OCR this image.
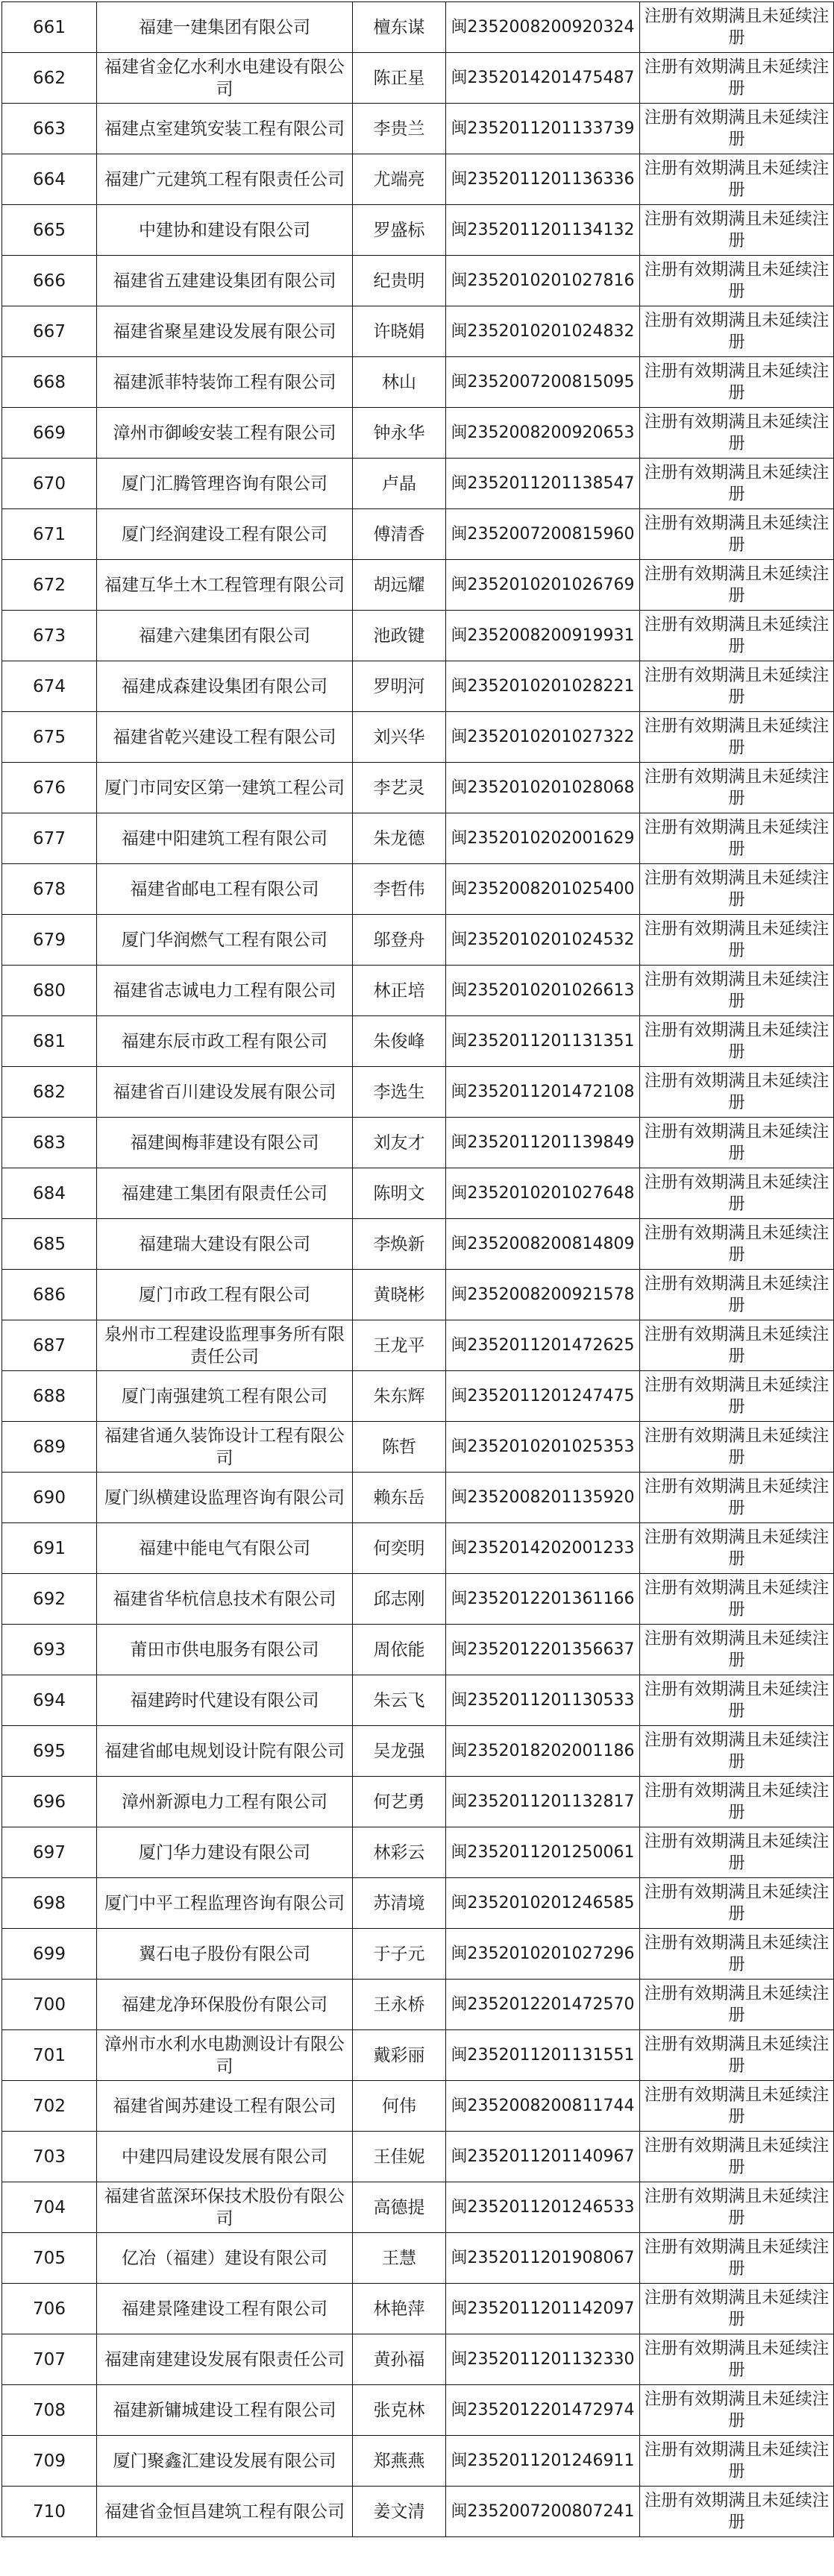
661	福建一建集团有限公司	檀东谋	闽2352008200920324	注册有效期满且未延续注册
662	福建省金亿水利水电建设有限公司	陈正星	闽2352014201475487	注册有效期满且未延续注册
663	福建点室建筑安装工程有限公司	李贵兰	闽2352011201133739	注册有效期满且未延续注册
664	福建广元建筑工程有限责任公司	尤端亮	闽2352011201136336	注册有效期满且未延续注册
665	中建协和建设有限公司	罗盛标	闽2352011201134132	注册有效期满且未延续注册
666	福建省五建建设集团有限公司	纪贵明	闽2352010201027816	注册有效期满且未延续注册
667	福建省聚星建设发展有限公司	许晓娟	闽2352010201024832	注册有效期满且未延续注册
668	福建派菲特装饰工程有限公司	林山	闽2352007200815095	注册有效期满且未延续注册
669	漳州市御峻安装工程有限公司	钟永华	闽2352008200920653	注册有效期满且未延续注册
670	厦门汇腾管理咨询有限公司	卢晶	闽2352011201138547	注册有效期满且未延续注册
671	厦门经润建设工程有限公司	傅清香	闽2352007200815960	注册有效期满且未延续注册
672	福建互华土木工程管理有限公司	胡远耀	闽2352010201026769	注册有效期满且未延续注册
673	福建六建集团有限公司	池政键	闽2352008200919931	注册有效期满且未延续注册
674	福建成森建设集团有限公司	罗明河	闽2352010201028221	注册有效期满且未延续注册
675	福建省乾兴建设工程有限公司	刘兴华	闽2352010201027322	注册有效期满且未延续注册
676	厦门市同安区第一建筑工程公司	李艺灵	闽2352010201028068	注册有效期满且未延续注册
677	福建中阳建筑工程有限公司	朱龙德	闽2352010202001629	注册有效期满且未延续注册
678	福建省邮电工程有限公司	李哲伟	闽2352008201025400	注册有效期满且未延续注册
679	厦门华润燃气工程有限公司	邬登舟	闽2352010201024532	注册有效期满且未延续注册
680	福建省志诚电力工程有限公司	林正培	闽2352010201026613	注册有效期满且未延续注册
681	福建东辰市政工程有限公司	朱俊峰	闽2352011201131351	注册有效期满且未延续注册
682	福建省百川建设发展有限公司	李选生	闽2352011201472108	注册有效期满且未延续注册
683	福建闽梅菲建设有限公司	刘友才	闽2352011201139849	注册有效期满且未延续注册
684	福建建工集团有限责任公司	陈明文	闽2352010201027648	注册有效期满且未延续注册
685	福建瑞大建设有限公司	李焕新	闽2352008200814809	注册有效期满且未延续注册
686	厦门市政工程有限公司	黄晓彬	闽2352008200921578	注册有效期满且未延续注册
687	泉州市工程建设监理事务所有限责任公司	王龙平	闽2352011201472625	注册有效期满且未延续注册
688	厦门南强建筑工程有限公司	朱东辉	闽2352011201247475	注册有效期满且未延续注册
689	福建省通久装饰设计工程有限公司	陈哲	闽2352010201025353	注册有效期满且未延续注册
690	厦门纵横建设监理咨询有限公司	赖东岳	闽2352008201135920	注册有效期满且未延续注册
691	福建中能电气有限公司	何奕明	闽2352014202001233	注册有效期满且未延续注册
692	福建省华杭信息技术有限公司	邱志刚	闽2352012201361166	注册有效期满且未延续注册
693	莆田市供电服务有限公司	周依能	闽2352012201356637	注册有效期满且未延续注册
694	福建跨时代建设有限公司	朱云飞	闽2352011201130533	注册有效期满且未延续注册
695	福建省邮电规划设计院有限公司	吴龙强	闽2352018202001186	注册有效期满且未延续注册
696	漳州新源电力工程有限公司	何艺勇	闽2352011201132817	注册有效期满且未延续注册
697	厦门华力建设有限公司	林彩云	闽2352011201250061	注册有效期满且未延续注册
698	厦门中平工程监理咨询有限公司	苏清境	闽2352010201246585	注册有效期满且未延续注册
699	翼石电子股份有限公司	于子元	闽2352010201027296	注册有效期满且未延续注册
700	福建龙净环保股份有限公司	王永桥	闽2352012201472570	注册有效期满且未延续注册
701	漳州市水利水电勘测设计有限公司	戴彩丽	闽2352011201131551	注册有效期满且未延续注册
702	福建省闽苏建设工程有限公司	何伟	闽2352008200811744	注册有效期满且未延续注册
703	中建四局建设发展有限公司	王佳妮	闽2352011201140967	注册有效期满且未延续注册
704	福建省蓝深环保技术股份有限公司	高德提	闽2352011201246533	注册有效期满且未延续注册
705	亿冶（福建）建设有限公司	王慧	闽2352011201908067	注册有效期满且未延续注册
706	福建景隆建设工程有限公司	林艳萍	闽2352011201142097	注册有效期满且未延续注册
707	福建南建建设发展有限责任公司	黄孙福	闽2352011201132330	注册有效期满且未延续注册
708	福建新镛城建设工程有限公司	张克林	闽2352012201472974	注册有效期满且未延续注册
709	厦门聚鑫汇建设发展有限公司	郑燕燕	闽2352011201246911	注册有效期满且未延续注册
710	福建省金恒昌建筑工程有限公司	姜文清	闽2352007200807241	注册有效期满且未延续注册
